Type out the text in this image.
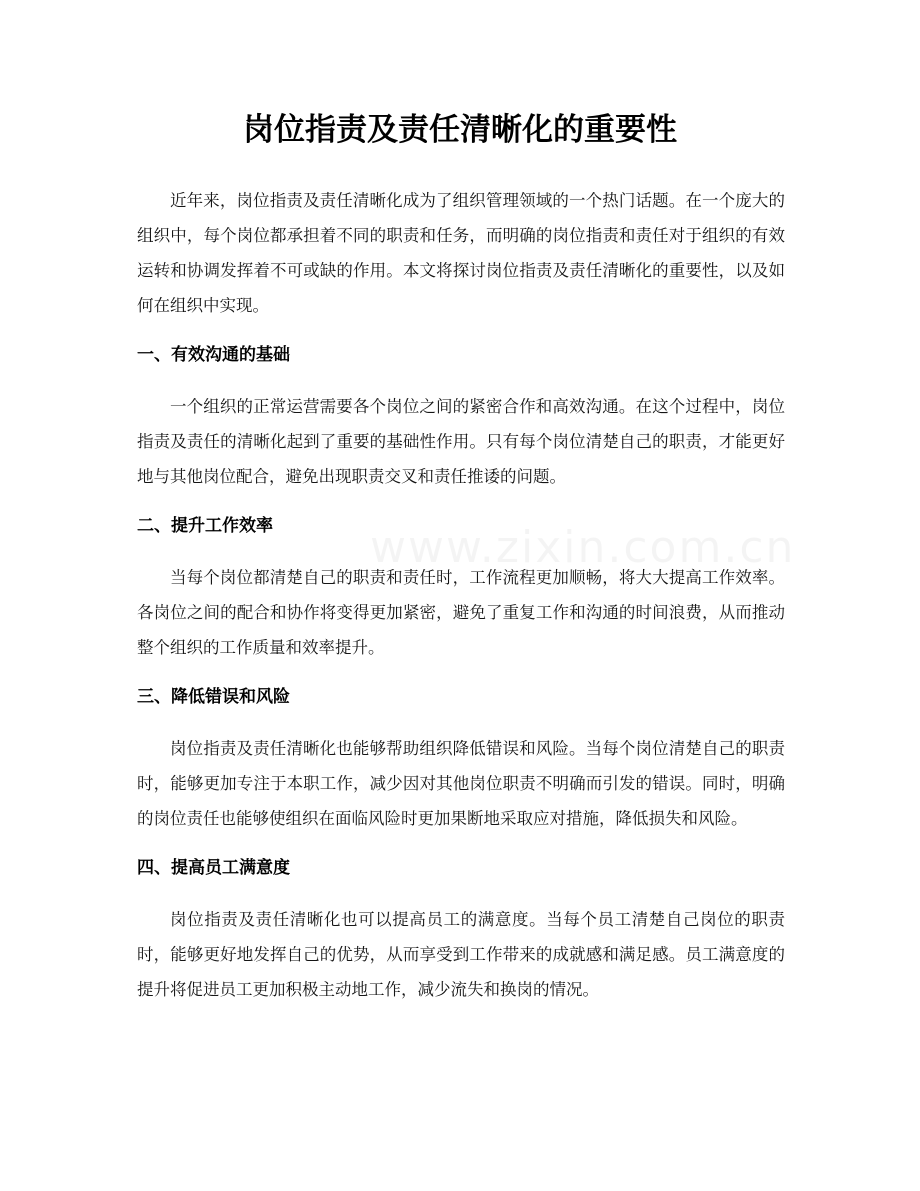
岗位指责及责任清晰化的重要性

近年来，岗位指责及责任清晰化成为了组织管理领域的一个热门话题。在一个庞大的组织中，每个岗位都承担着不同的职责和任务，而明确的岗位指责和责任对于组织的有效运转和协调发挥着不可或缺的作用。本文将探讨岗位指责及责任清晰化的重要性，以及如何在组织中实现。

一、有效沟通的基础

一个组织的正常运营需要各个岗位之间的紧密合作和高效沟通。在这个过程中，岗位指责及责任的清晰化起到了重要的基础性作用。只有每个岗位清楚自己的职责，才能更好地与其他岗位配合，避免出现职责交叉和责任推诿的问题。

二、提升工作效率

当每个岗位都清楚自己的职责和责任时，工作流程更加顺畅，将大大提高工作效率。各岗位之间的配合和协作将变得更加紧密，避免了重复工作和沟通的时间浪费，从而推动整个组织的工作质量和效率提升。

三、降低错误和风险

岗位指责及责任清晰化也能够帮助组织降低错误和风险。当每个岗位清楚自己的职责时，能够更加专注于本职工作，减少因对其他岗位职责不明确而引发的错误。同时，明确的岗位责任也能够使组织在面临风险时更加果断地采取应对措施，降低损失和风险。

四、提高员工满意度

岗位指责及责任清晰化也可以提高员工的满意度。当每个员工清楚自己岗位的职责时，能够更好地发挥自己的优势，从而享受到工作带来的成就感和满足感。员工满意度的提升将促进员工更加积极主动地工作，减少流失和换岗的情况。
